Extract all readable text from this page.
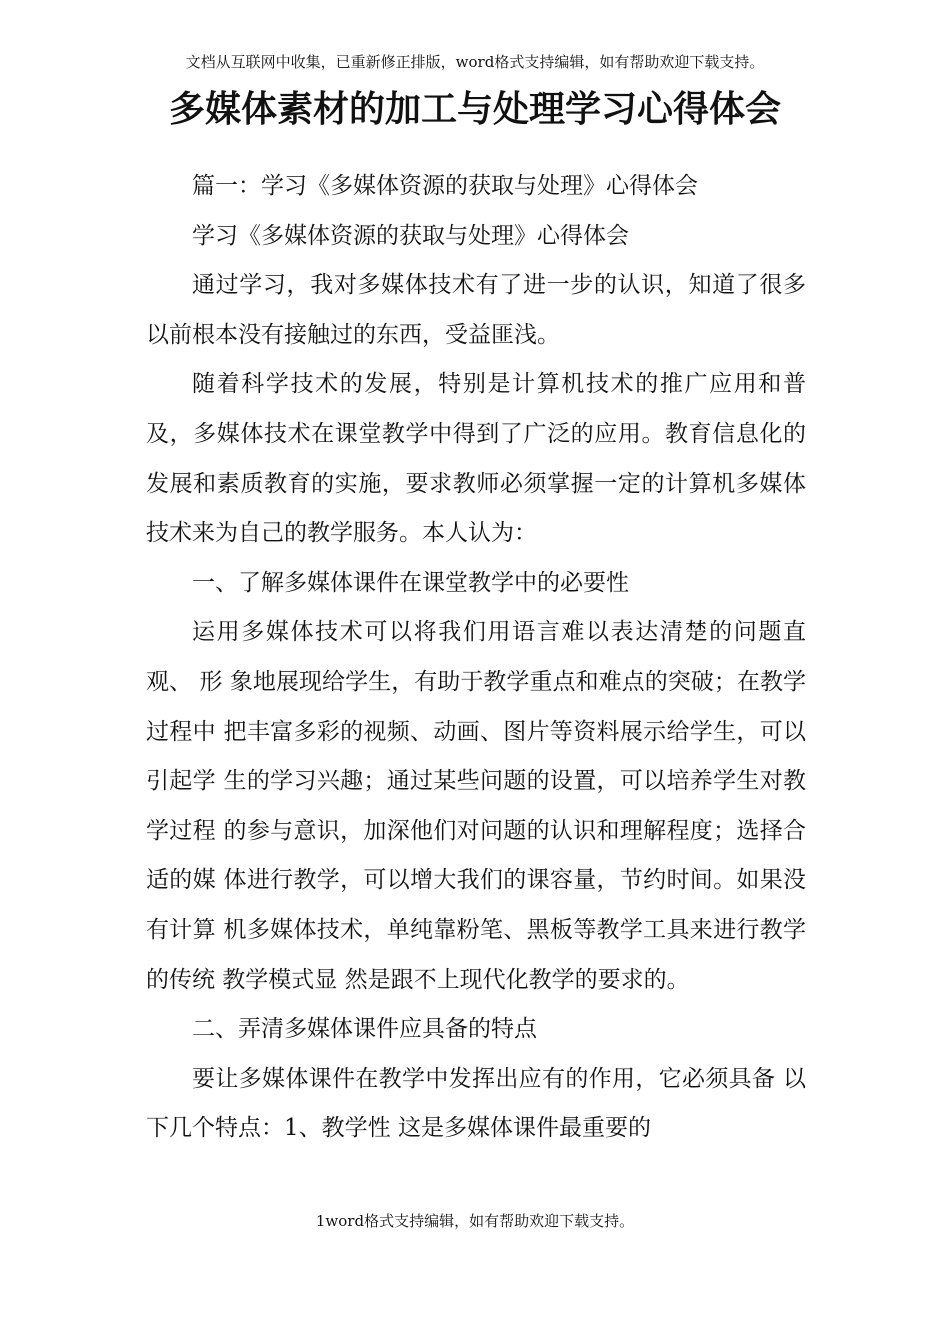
文档从互联网中收集，已重新修正排版，word格式支持编辑，如有帮助欢迎下载支持。
多媒体素材的加工与处理学习心得体会

篇一：学习《多媒体资源的获取与处理》心得体会

学习《多媒体资源的获取与处理》心得体会

通过学习，我对多媒体技术有了进一步的认识，知道了很多以前根本没有接触过的东西，受益匪浅。

随着科学技术的发展，特别是计算机技术的推广应用和普及，多媒体技术在课堂教学中得到了广泛的应用。教育信息化的发展和素质教育的实施，要求教师必须掌握一定的计算机多媒体技术来为自己的教学服务。本人认为：

一、了解多媒体课件在课堂教学中的必要性

运用多媒体技术可以将我们用语言难以表达清楚的问题直观、 形 象地展现给学生，有助于教学重点和难点的突破；在教学过程中 把丰富多彩的视频、动画、图片等资料展示给学生，可以引起学 生的学习兴趣；通过某些问题的设置，可以培养学生对教学过程 的参与意识，加深他们对问题的认识和理解程度；选择合适的媒 体进行教学，可以增大我们的课容量，节约时间。如果没有计算 机多媒体技术，单纯靠粉笔、黑板等教学工具来进行教学的传统 教学模式显 然是跟不上现代化教学的要求的。

二、弄清多媒体课件应具备的特点

要让多媒体课件在教学中发挥出应有的作用，它必须具备 以下几个特点：1、教学性 这是多媒体课件最重要的

1word格式支持编辑，如有帮助欢迎下载支持。
